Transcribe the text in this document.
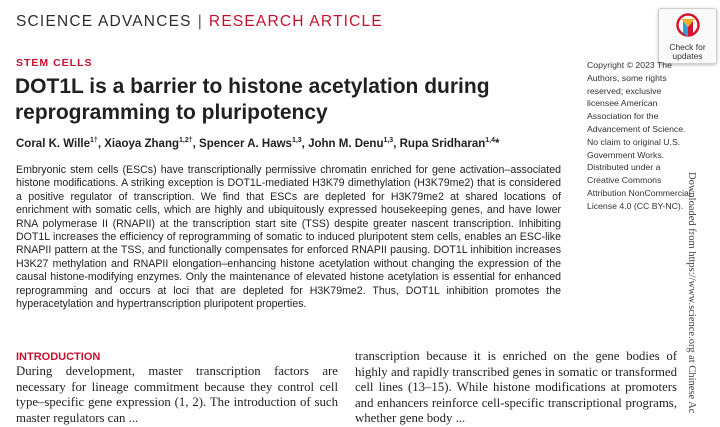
SCIENCE ADVANCES | RESEARCH ARTICLE
Check for
updates
STEM CELLS
DOT1L is a barrier to histone acetylation during reprogramming to pluripotency
Coral K. Wille$^{1\dagger}$, Xiaoya Zhang$^{1,2\dagger}$, Spencer A. Haws$^{1,3}$, John M. Denu$^{1,3}$, Rupa Sridharan$^{1,4}$*

Embryonic stem cells (ESCs) have transcriptionally permissive chromatin enriched for gene activation–associated histone modifications. A striking exception is DOT1L-mediated H3K79 dimethylation (H3K79me2) that is considered a positive regulator of transcription. We find that ESCs are depleted for H3K79me2 at shared locations of enrichment with somatic cells, which are highly and ubiquitously expressed housekeeping genes, and have lower RNA polymerase II (RNAPII) at the transcription start site (TSS) despite greater nascent transcription. Inhibiting DOT1L increases the efficiency of reprogramming of somatic to induced pluripotent stem cells, enables an ESC-like RNAPII pattern at the TSS, and functionally compensates for enforced RNAPII pausing. DOT1L inhibition increases H3K27 methylation and RNAPII elongation–enhancing histone acetylation without changing the expression of the causal histone-modifying enzymes. Only the maintenance of elevated histone acetylation is essential for enhanced reprogramming and occurs at loci that are depleted for H3K79me2. Thus, DOT1L inhibition promotes the hyperacetylation and hypertranscription pluripotent properties.

Copyright © 2023 The Authors, some rights reserved; exclusive licensee American Association for the Advancement of Science. No claim to original U.S. Government Works. Distributed under a Creative Commons Attribution NonCommercial License 4.0 (CC BY-NC). Downloaded from https://www.science.org at Chinese Ac
INTRODUCTION

During development, master transcription factors are necessary for lineage commitment because they control cell type–specific gene expression (1, 2). The introduction of such master regulators can ...

transcription because it is enriched on the gene bodies of highly and rapidly transcribed genes in somatic or transformed cell lines (13–15). While histone modifications at promoters and enhancers reinforce cell-specific transcriptional programs, whether gene body ...
